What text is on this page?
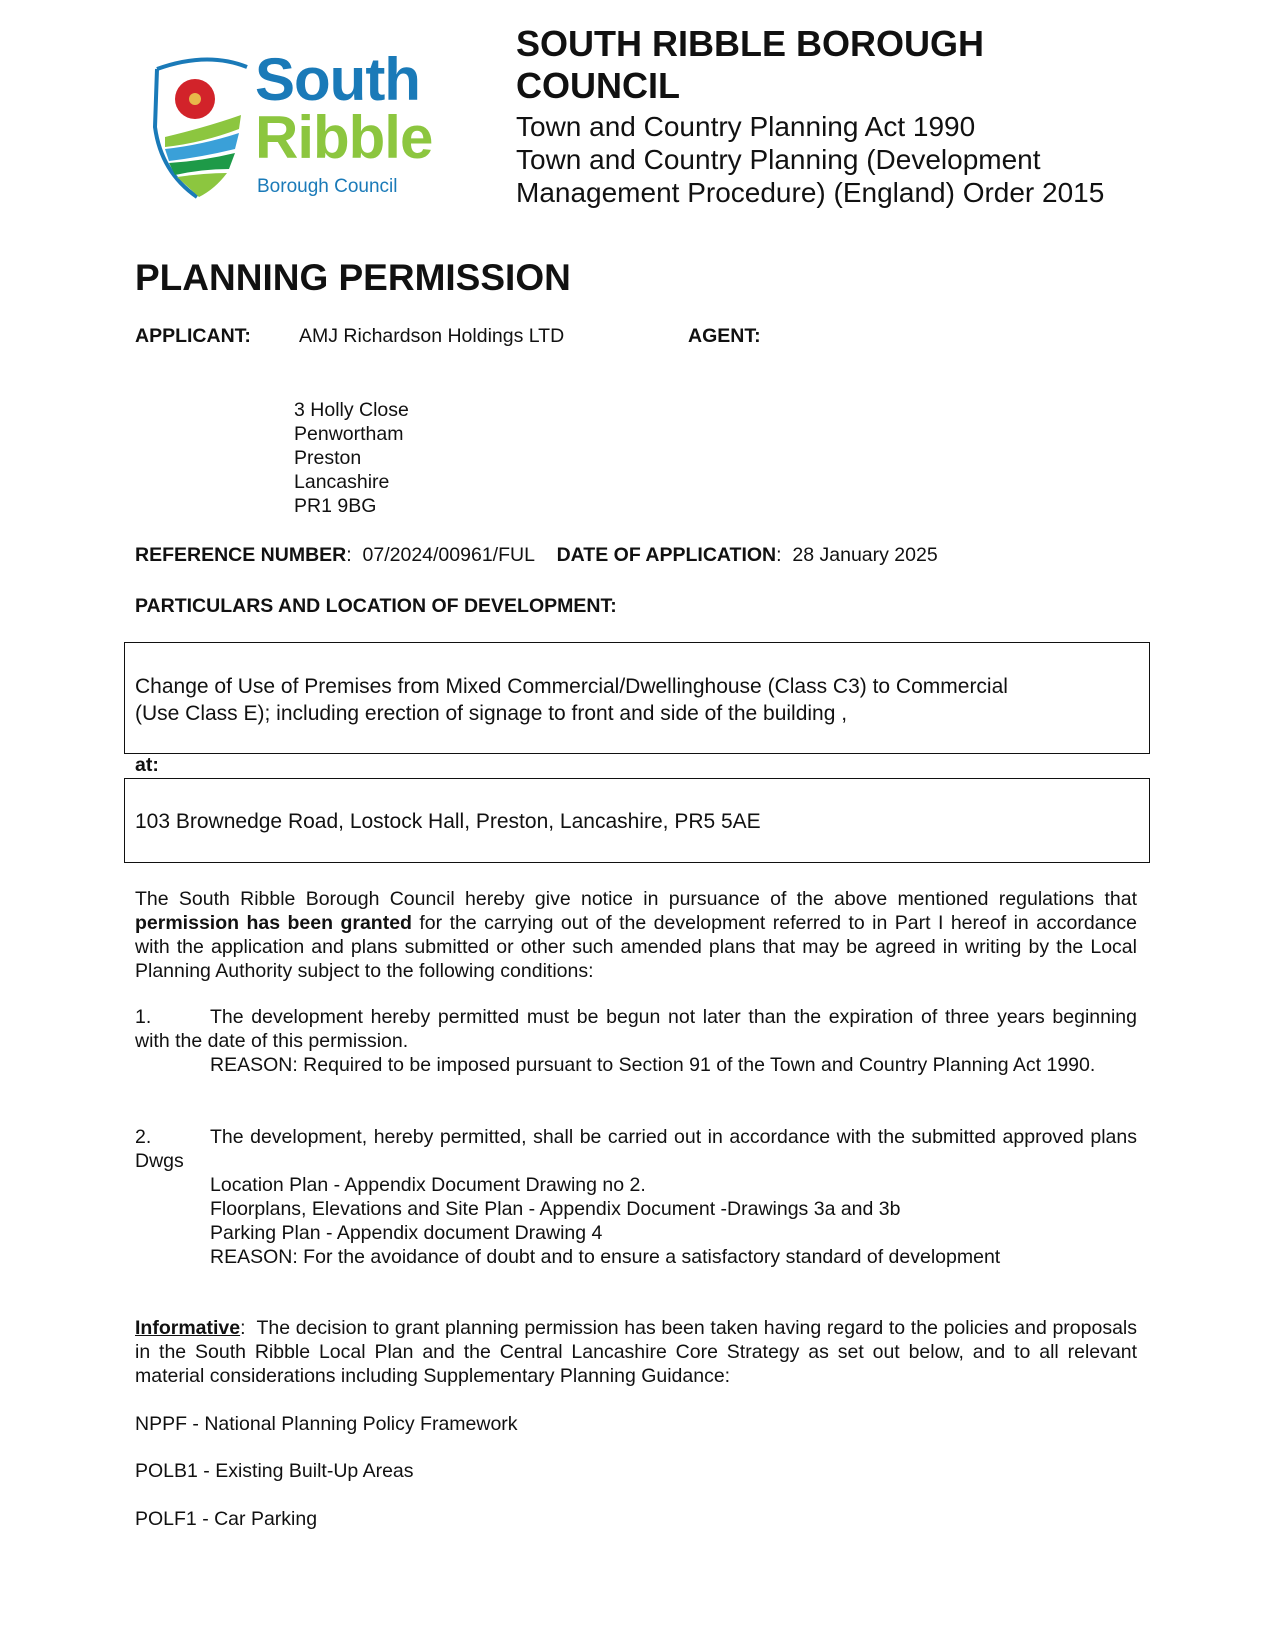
South
Ribble
Borough Council
SOUTH RIBBLE BOROUGH
COUNCIL
Town and Country Planning Act 1990
Town and Country Planning (Development
Management Procedure) (England) Order 2015
PLANNING PERMISSION
APPLICANT: AMJ Richardson Holdings LTD	AGENT:
3 Holly Close
Penwortham
Preston
Lancashire
PR1 9BG
REFERENCE NUMBER:  07/2024/00961/FUL DATE OF APPLICATION:  28 January 2025
PARTICULARS AND LOCATION OF DEVELOPMENT:
Change of Use of Premises from Mixed Commercial/Dwellinghouse (Class C3) to Commercial
(Use Class E); including erection of signage to front and side of the building ,
at:
103 Brownedge Road, Lostock Hall, Preston, Lancashire, PR5 5AE
The South Ribble Borough Council hereby give notice in pursuance of the above mentioned regulations that permission has been granted for the carrying out of the development referred to in Part I hereof in accordance with the application and plans submitted or other such amended plans that may be agreed in writing by the Local Planning Authority subject to the following conditions:
1.	The development hereby permitted must be begun not later than the expiration of three years beginning with the date of this permission.
REASON: Required to be imposed pursuant to Section 91 of the Town and Country Planning Act 1990.
2.	The development, hereby permitted, shall be carried out in accordance with the submitted approved plans Dwgs
Location Plan - Appendix Document Drawing no 2.
Floorplans, Elevations and Site Plan - Appendix Document -Drawings 3a and 3b
Parking Plan - Appendix document Drawing 4
REASON: For the avoidance of doubt and to ensure a satisfactory standard of development
Informative:  The decision to grant planning permission has been taken having regard to the policies and proposals in the South Ribble Local Plan and the Central Lancashire Core Strategy as set out below, and to all relevant material considerations including Supplementary Planning Guidance:
NPPF - National Planning Policy Framework
POLB1 - Existing Built-Up Areas
POLF1 - Car Parking
